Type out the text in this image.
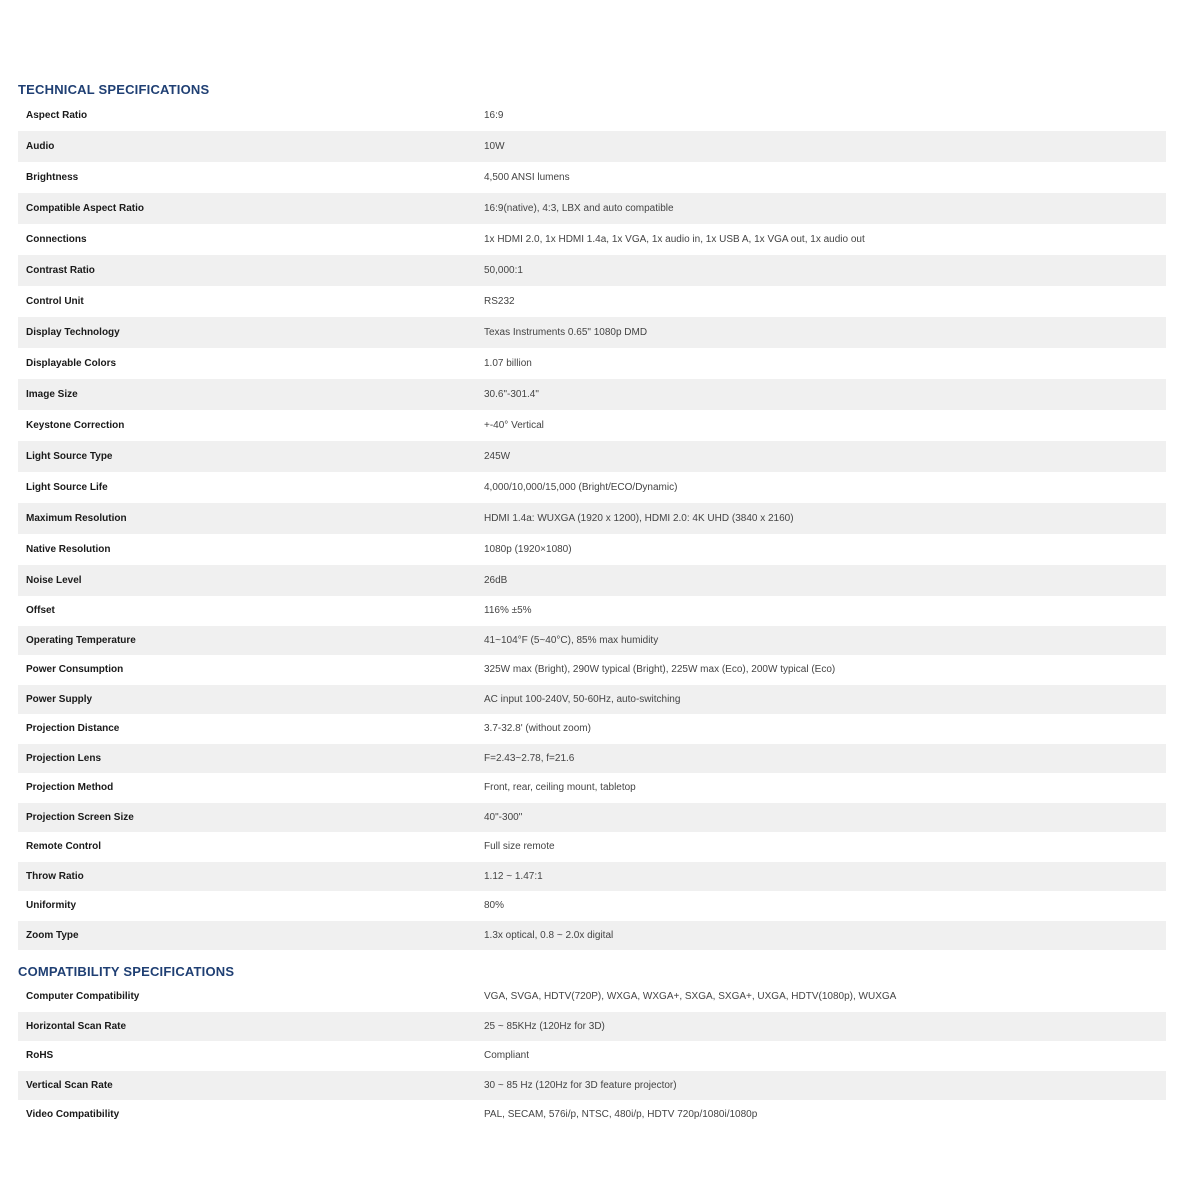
TECHNICAL SPECIFICATIONS
Aspect Ratio	16:9
Audio	10W
Brightness	4,500 ANSI lumens
Compatible Aspect Ratio	16:9(native), 4:3, LBX and auto compatible
Connections	1x HDMI 2.0, 1x HDMI 1.4a, 1x VGA, 1x audio in, 1x USB A, 1x VGA out, 1x audio out
Contrast Ratio	50,000:1
Control Unit	RS232
Display Technology	Texas Instruments 0.65" 1080p DMD
Displayable Colors	1.07 billion
Image Size	30.6"-301.4"
Keystone Correction	+-40° Vertical
Light Source Type	245W
Light Source Life	4,000/10,000/15,000 (Bright/ECO/Dynamic)
Maximum Resolution	HDMI 1.4a: WUXGA (1920 x 1200), HDMI 2.0: 4K UHD (3840 x 2160)
Native Resolution	1080p (1920×1080)
Noise Level	26dB
Offset	116% ±5%
Operating Temperature	41~104°F (5~40°C), 85% max humidity
Power Consumption	325W max (Bright), 290W typical (Bright), 225W max (Eco), 200W typical (Eco)
Power Supply	AC input 100-240V, 50-60Hz, auto-switching
Projection Distance	3.7-32.8' (without zoom)
Projection Lens	F=2.43~2.78, f=21.6
Projection Method	Front, rear, ceiling mount, tabletop
Projection Screen Size	40"-300"
Remote Control	Full size remote
Throw Ratio	1.12 ~ 1.47:1
Uniformity	80%
Zoom Type	1.3x optical, 0.8 ~ 2.0x digital
COMPATIBILITY SPECIFICATIONS
Computer Compatibility	VGA, SVGA, HDTV(720P), WXGA, WXGA+, SXGA, SXGA+, UXGA, HDTV(1080p), WUXGA
Horizontal Scan Rate	25 ~ 85KHz (120Hz for 3D)
RoHS	Compliant
Vertical Scan Rate	30 ~ 85 Hz (120Hz for 3D feature projector)
Video Compatibility	PAL, SECAM, 576i/p, NTSC, 480i/p, HDTV 720p/1080i/1080p
